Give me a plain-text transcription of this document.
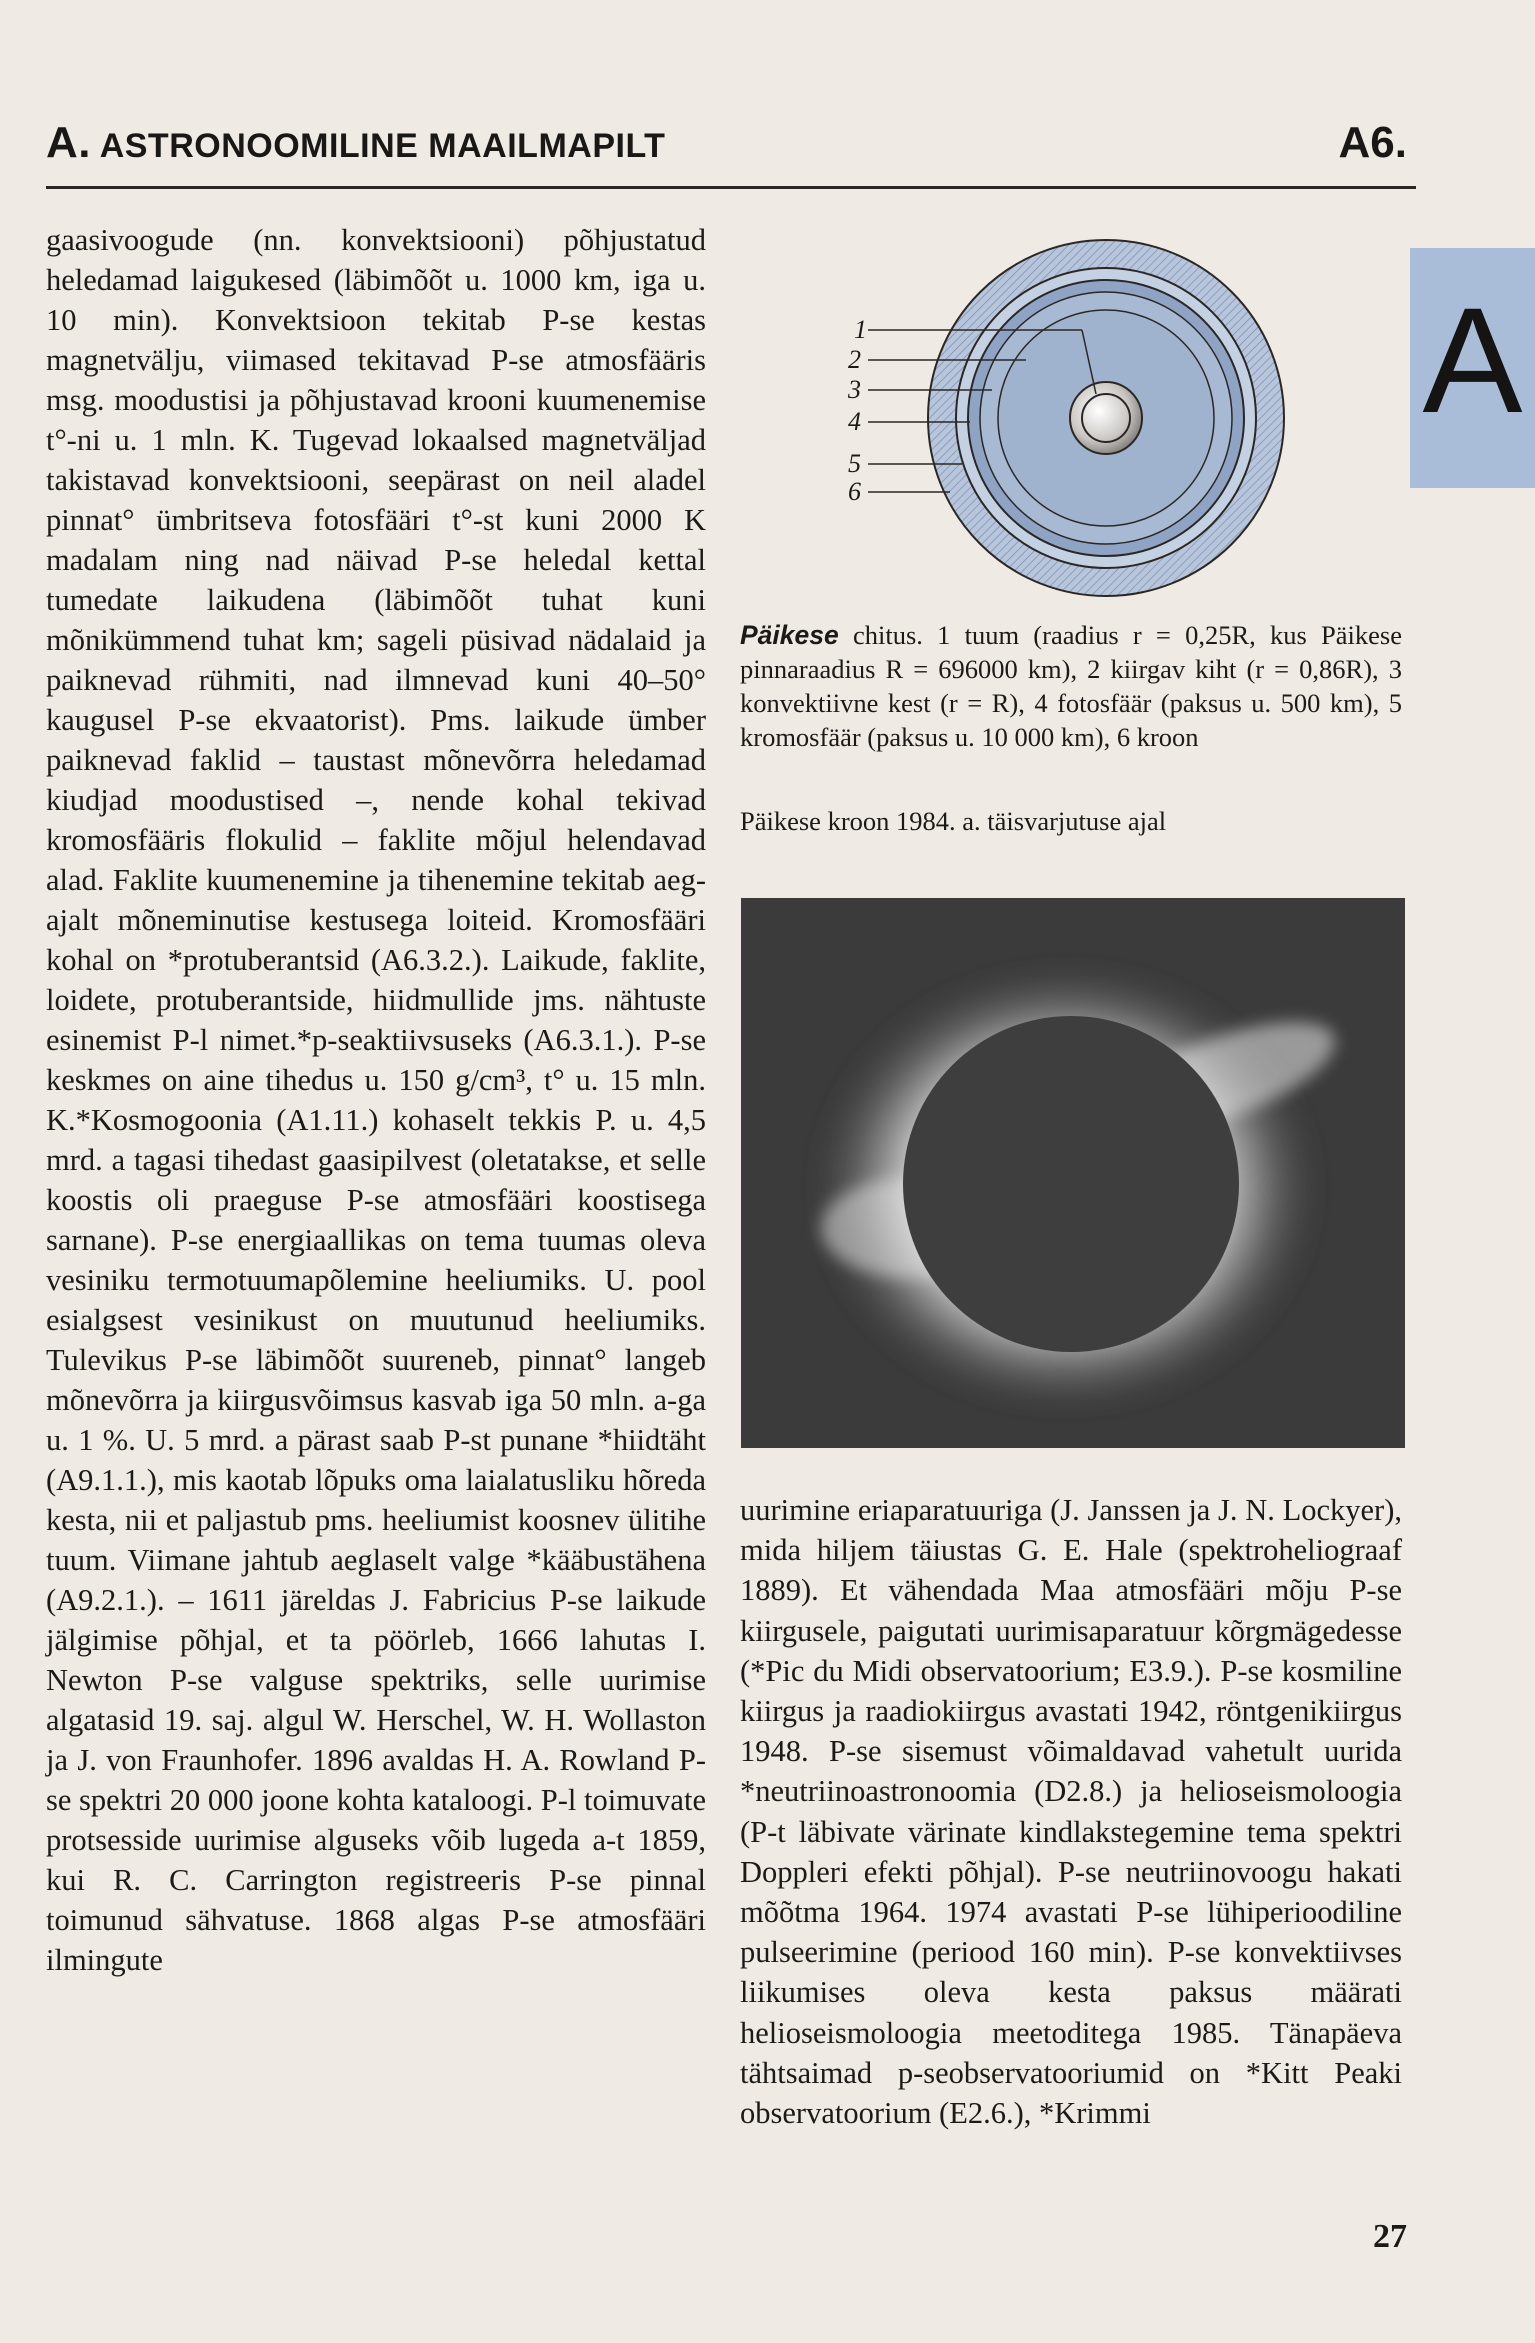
A. ASTRONOOMILINE MAAILMAPILT	A6.
A
gaasivoogude (nn. konvektsiooni) põhjustatud heledamad laigukesed (läbimõõt u. 1000 km, iga u. 10 min). Konvektsioon tekitab P-se kestas magnetvälju, viimased tekitavad P-se atmosfääris msg. moodustisi ja põhjustavad krooni kuumenemise t°-ni u. 1 mln. K. Tugevad lokaalsed magnetväljad takistavad konvektsiooni, seepärast on neil aladel pinnat° ümbritseva fotosfääri t°-st kuni 2000 K madalam ning nad näivad P-se heledal kettal tumedate laikudena (läbimõõt tuhat kuni mõnikümmend tuhat km; sageli püsivad nädalaid ja paiknevad rühmiti, nad ilmnevad kuni 40–50° kaugusel P-se ekvaatorist). Pms. laikude ümber paiknevad faklid – taustast mõnevõrra heledamad kiudjad moodustised –, nende kohal tekivad kromosfääris flokulid – faklite mõjul helendavad alad. Faklite kuumenemine ja tihenemine tekitab aeg-ajalt mõneminutise kestusega loiteid. Kromosfääri kohal on *protuberantsid (A6.3.2.). Laikude, faklite, loidete, protuberantside, hiidmullide jms. nähtuste esinemist P-l nimet.*p-seaktiivsuseks (A6.3.1.). P-se keskmes on aine tihedus u. 150 g/cm³, t° u. 15 mln. K.*Kosmogoonia (A1.11.) kohaselt tekkis P. u. 4,5 mrd. a tagasi tihedast gaasipilvest (oletatakse, et selle koostis oli praeguse P-se atmosfääri koostisega sarnane). P-se energiaallikas on tema tuumas oleva vesiniku termotuumapõlemine heeliumiks. U. pool esialgsest vesinikust on muutunud heeliumiks. Tulevikus P-se läbimõõt suureneb, pinnat° langeb mõnevõrra ja kiirgusvõimsus kasvab iga 50 mln. a-ga u. 1 %. U. 5 mrd. a pärast saab P-st punane *hiidtäht (A9.1.1.), mis kaotab lõpuks oma laialatusliku hõreda kesta, nii et paljastub pms. heeliumist koosnev ülitihe tuum. Viimane jahtub aeglaselt valge *kääbustähena (A9.2.1.). – 1611 järeldas J. Fabricius P-se laikude jälgimise põhjal, et ta pöörleb, 1666 lahutas I. Newton P-se valguse spektriks, selle uurimise algatasid 19. saj. algul W. Herschel, W. H. Wollaston ja J. von Fraunhofer. 1896 avaldas H. A. Rowland P-se spektri 20 000 joone kohta kataloogi. P-l toimuvate protsesside uurimise alguseks võib lugeda a-t 1859, kui R. C. Carrington registreeris P-se pinnal toimunud sähvatuse. 1868 algas P-se atmosfääri ilmingute
1
2
3
4
5
6
Päikese chitus. 1 tuum (raadius r = 0,25R, kus Päikese pinnaraadius R = 696000 km), 2 kiirgav kiht (r = 0,86R), 3 konvektiivne kest (r = R), 4 fotosfäär (paksus u. 500 km), 5 kromosfäär (paksus u. 10 000 km), 6 kroon
Päikese kroon 1984. a. täisvarjutuse ajal
uurimine eriaparatuuriga (J. Janssen ja J. N. Lockyer), mida hiljem täiustas G. E. Hale (spektroheliograaf 1889). Et vähendada Maa atmosfääri mõju P-se kiirgusele, paigutati uurimisaparatuur kõrgmägedesse (*Pic du Midi observatoorium; E3.9.). P-se kosmiline kiirgus ja raadiokiirgus avastati 1942, röntgenikiirgus 1948. P-se sisemust võimaldavad vahetult uurida *neutriinoastronoomia (D2.8.) ja helioseismoloogia (P-t läbivate värinate kindlakstegemine tema spektri Doppleri efekti põhjal). P-se neutriinovoogu hakati mõõtma 1964. 1974 avastati P-se lühiperioodiline pulseerimine (periood 160 min). P-se konvektiivses liikumises oleva kesta paksus määrati helioseismoloogia meetoditega 1985. Tänapäeva tähtsaimad p-seobservatooriumid on *Kitt Peaki observatoorium (E2.6.), *Krimmi
27
